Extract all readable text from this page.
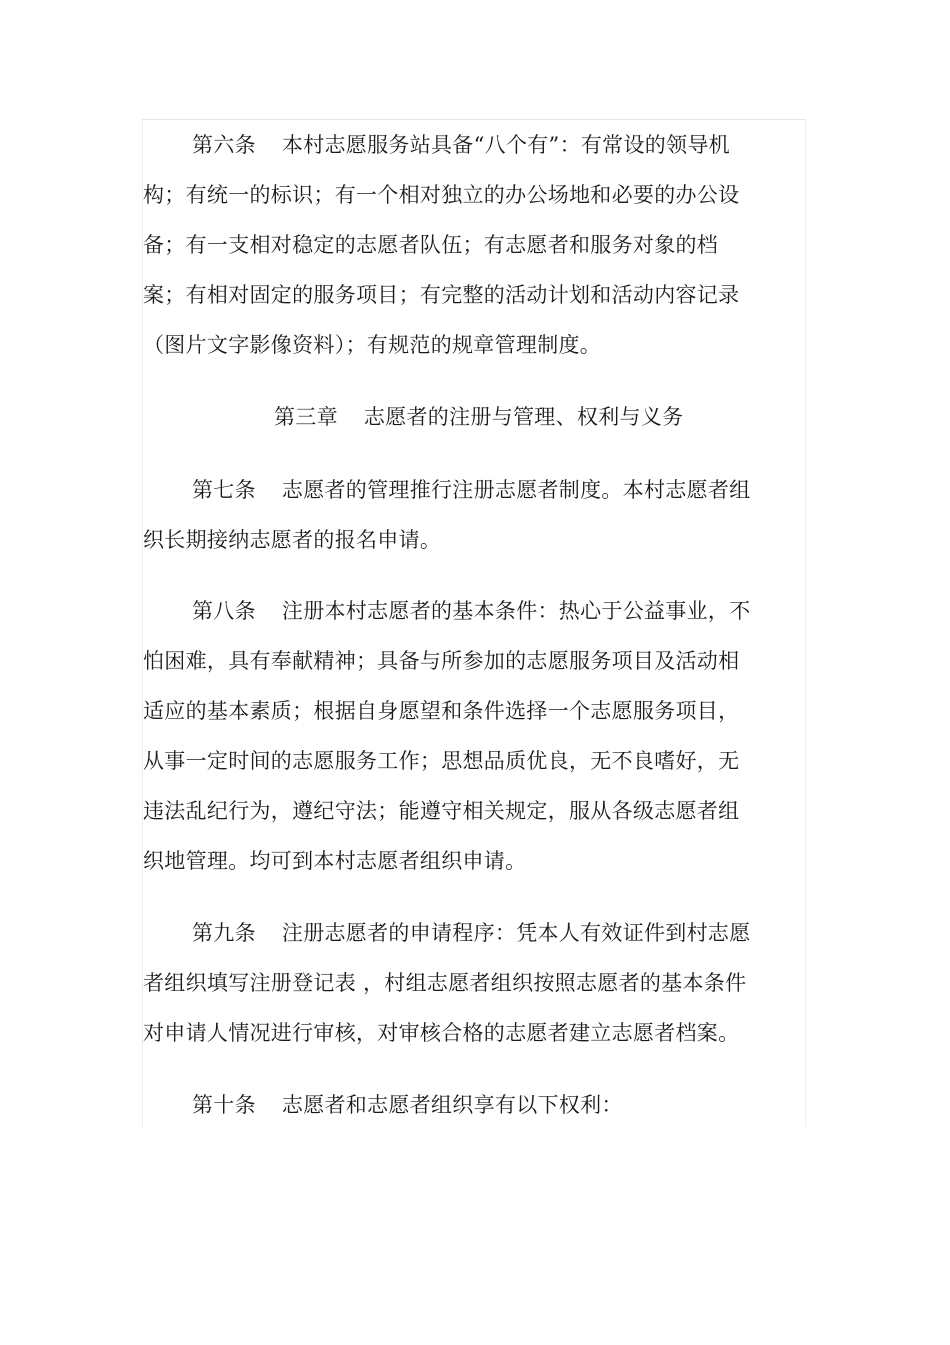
第六条 本村志愿服务站具备“八个有”：有常设的领导机
构；有统一的标识；有一个相对独立的办公场地和必要的办公设
备；有一支相对稳定的志愿者队伍；有志愿者和服务对象的档
案；有相对固定的服务项目；有完整的活动计划和活动内容记录
（图片文字影像资料）；有规范的规章管理制度。
第三章 志愿者的注册与管理、权利与义务
第七条 志愿者的管理推行注册志愿者制度。本村志愿者组
织长期接纳志愿者的报名申请。
第八条 注册本村志愿者的基本条件：热心于公益事业，不
怕困难，具有奉献精神；具备与所参加的志愿服务项目及活动相
适应的基本素质；根据自身愿望和条件选择一个志愿服务项目，
从事一定时间的志愿服务工作；思想品质优良，无不良嗜好，无
违法乱纪行为，遵纪守法；能遵守相关规定，服从各级志愿者组
织地管理。均可到本村志愿者组织申请。
第九条 注册志愿者的申请程序：凭本人有效证件到村志愿
者组织填写注册登记表 ，村组志愿者组织按照志愿者的基本条件
对申请人情况进行审核，对审核合格的志愿者建立志愿者档案。
第十条 志愿者和志愿者组织享有以下权利：
